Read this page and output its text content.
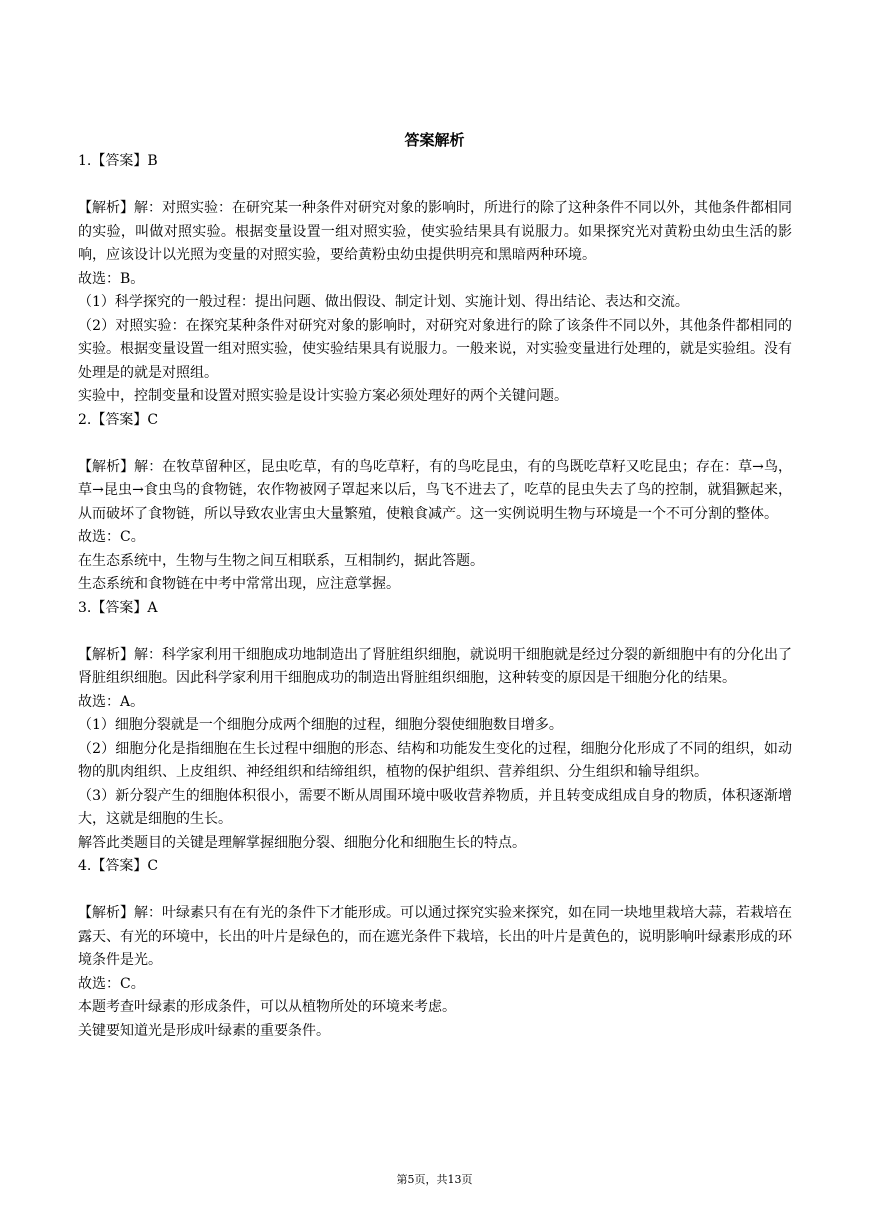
答案解析
1.【答案】B
【解析】解：对照实验：在研究某一种条件对研究对象的影响时，所进行的除了这种条件不同以外，其他条件都相同的实验，叫做对照实验。根据变量设置一组对照实验，使实验结果具有说服力。如果探究光对黄粉虫幼虫生活的影响，应该设计以光照为变量的对照实验，要给黄粉虫幼虫提供明亮和黑暗两种环境。
故选：B。
（1）科学探究的一般过程：提出问题、做出假设、制定计划、实施计划、得出结论、表达和交流。
（2）对照实验：在探究某种条件对研究对象的影响时，对研究对象进行的除了该条件不同以外，其他条件都相同的实验。根据变量设置一组对照实验，使实验结果具有说服力。一般来说，对实验变量进行处理的，就是实验组。没有处理是的就是对照组。
实验中，控制变量和设置对照实验是设计实验方案必须处理好的两个关键问题。
2.【答案】C
【解析】解：在牧草留种区，昆虫吃草，有的鸟吃草籽，有的鸟吃昆虫，有的鸟既吃草籽又吃昆虫；存在：草→鸟，草→昆虫→食虫鸟的食物链，农作物被网子罩起来以后，鸟飞不进去了，吃草的昆虫失去了鸟的控制，就猖獗起来，从而破坏了食物链，所以导致农业害虫大量繁殖，使粮食减产。这一实例说明生物与环境是一个不可分割的整体。
故选：C。
在生态系统中，生物与生物之间互相联系，互相制约，据此答题。
生态系统和食物链在中考中常常出现，应注意掌握。
3.【答案】A
【解析】解：科学家利用干细胞成功地制造出了肾脏组织细胞，就说明干细胞就是经过分裂的新细胞中有的分化出了肾脏组织细胞。因此科学家利用干细胞成功的制造出肾脏组织细胞，这种转变的原因是干细胞分化的结果。
故选：A。
（1）细胞分裂就是一个细胞分成两个细胞的过程，细胞分裂使细胞数目增多。
（2）细胞分化是指细胞在生长过程中细胞的形态、结构和功能发生变化的过程，细胞分化形成了不同的组织，如动物的肌肉组织、上皮组织、神经组织和结缔组织，植物的保护组织、营养组织、分生组织和输导组织。
（3）新分裂产生的细胞体积很小，需要不断从周围环境中吸收营养物质，并且转变成组成自身的物质，体积逐渐增大，这就是细胞的生长。
解答此类题目的关键是理解掌握细胞分裂、细胞分化和细胞生长的特点。
4.【答案】C
【解析】解：叶绿素只有在有光的条件下才能形成。可以通过探究实验来探究，如在同一块地里栽培大蒜，若栽培在露天、有光的环境中，长出的叶片是绿色的，而在遮光条件下栽培，长出的叶片是黄色的，说明影响叶绿素形成的环境条件是光。
故选：C。
本题考查叶绿素的形成条件，可以从植物所处的环境来考虑。
关键要知道光是形成叶绿素的重要条件。
第5页，共13页
